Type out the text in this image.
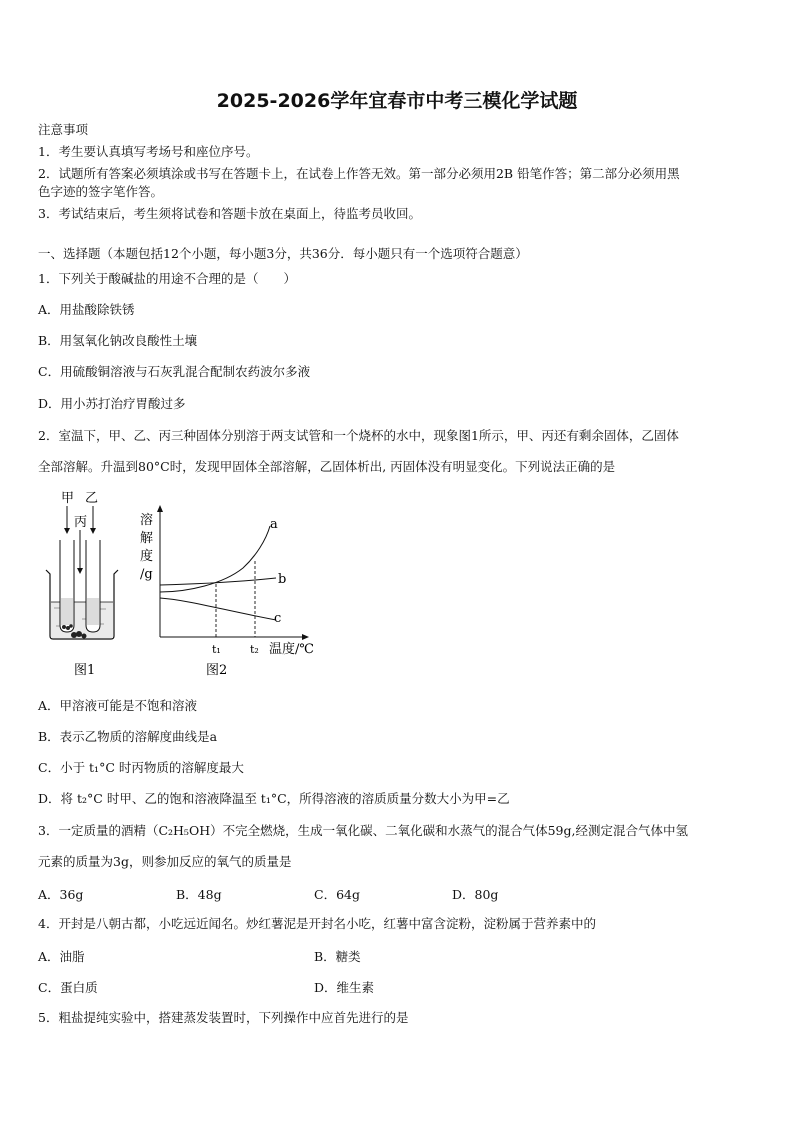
2025-2026学年宜春市中考三模化学试题
注意事项
1．考生要认真填写考场号和座位序号。
2．试题所有答案必须填涂或书写在答题卡上，在试卷上作答无效。第一部分必须用2B 铅笔作答；第二部分必须用黑
色字迹的签字笔作答。
3．考试结束后，考生须将试卷和答题卡放在桌面上，待监考员收回。
一、选择题（本题包括12个小题，每小题3分，共36分．每小题只有一个选项符合题意）
1．下列关于酸碱盐的用途不合理的是（　　）
A．用盐酸除铁锈
B．用氢氧化钠改良酸性土壤
C．用硫酸铜溶液与石灰乳混合配制农药波尔多液
D．用小苏打治疗胃酸过多
2．室温下，甲、乙、丙三种固体分别溶于两支试管和一个烧杯的水中，现象图1所示，甲、丙还有剩余固体，乙固体
全部溶解。升温到80°C时，发现甲固体全部溶解，乙固体析出, 丙固体没有明显变化。下列说法正确的是
甲 乙
丙
图1
溶
解
度
/g
a
b
c
t₁	t₂ 温度/℃
图2
A．甲溶液可能是不饱和溶液
B．表示乙物质的溶解度曲线是a
C．小于 t₁°C 时丙物质的溶解度最大
D．将 t₂°C 时甲、乙的饱和溶液降温至 t₁°C，所得溶液的溶质质量分数大小为甲=乙
3．一定质量的酒精（C₂H₅OH）不完全燃烧，生成一氧化碳、二氧化碳和水蒸气的混合气体59g,经测定混合气体中氢
元素的质量为3g，则参加反应的氧气的质量是
A．36g	B．48g	C．64g	D．80g
4．开封是八朝古都，小吃远近闻名。炒红薯泥是开封名小吃，红薯中富含淀粉，淀粉属于营养素中的
A．油脂	B．糖类
C．蛋白质	D．维生素
5．粗盐提纯实验中，搭建蒸发装置时，下列操作中应首先进行的是
